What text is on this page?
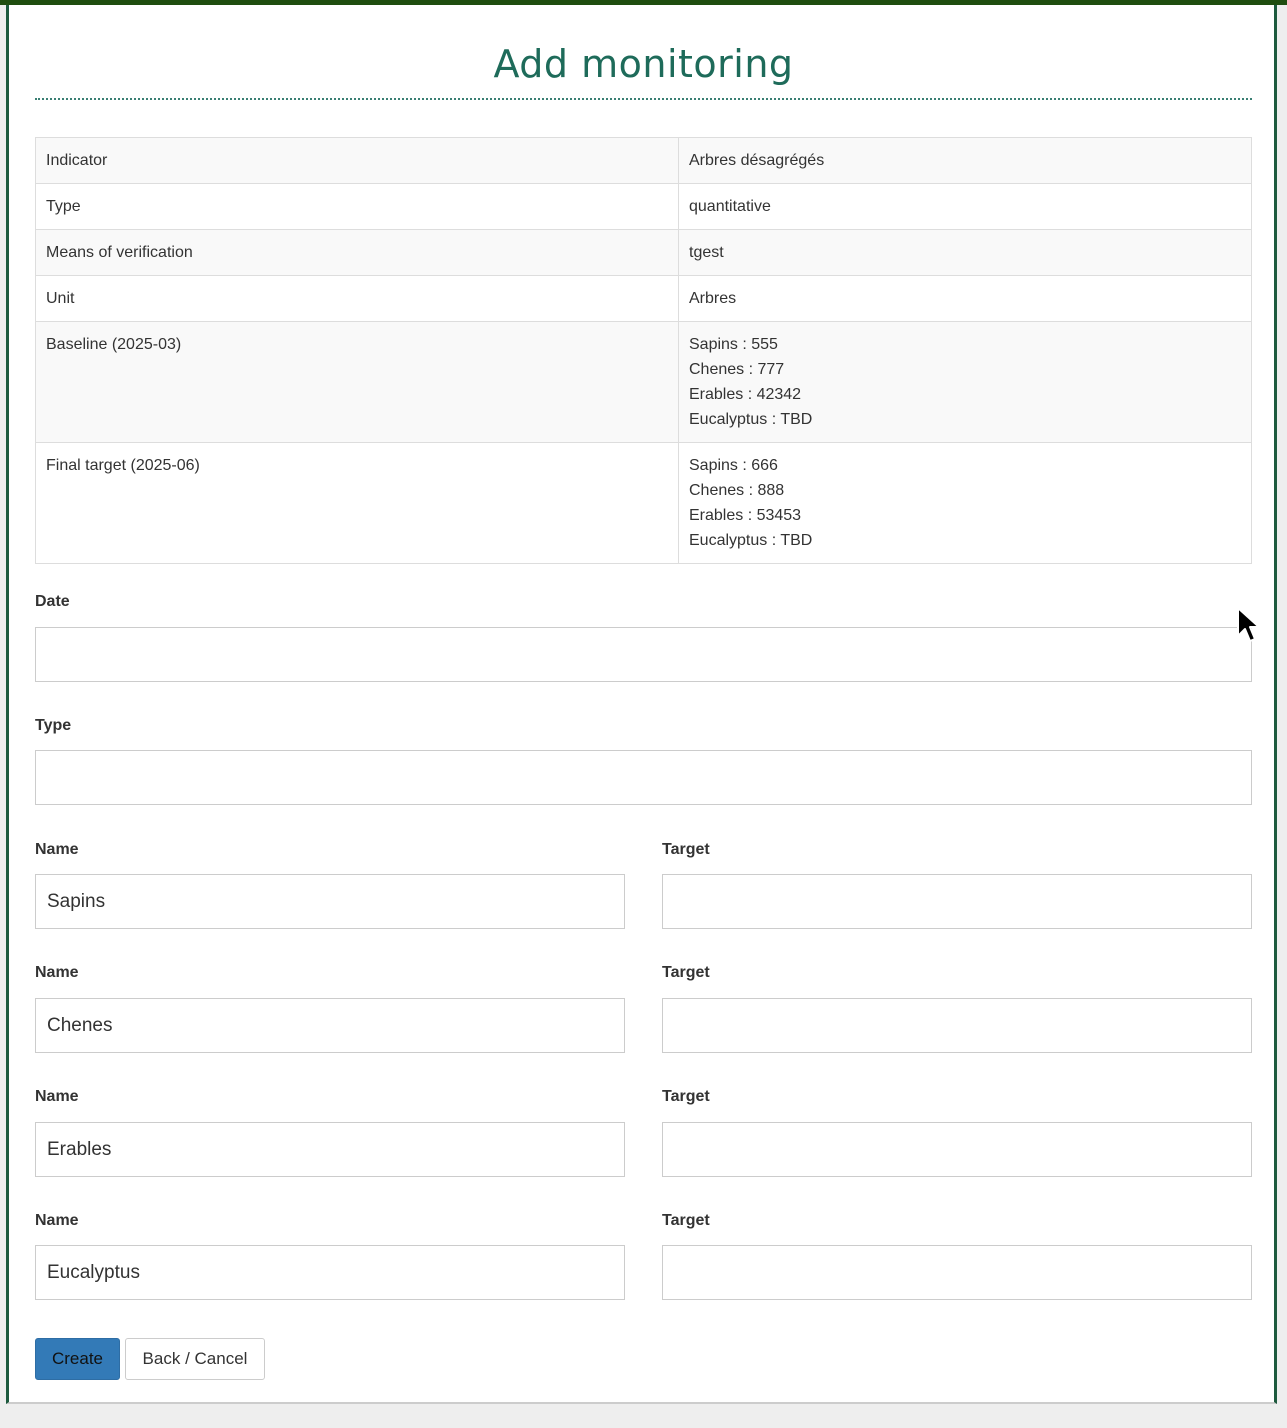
Add monitoring
Indicator	Arbres désagrégés

Type	quantitative

Means of verification	tgest

Unit	Arbres

Baseline (2025-03)	Sapins : 555
Chenes : 777
Erables : 42342
Eucalyptus : TBD

Final target (2025-06)	Sapins : 666
Chenes : 888
Erables : 53453
Eucalyptus : TBD
Date
Type
Name	Target
Sapins
Name	Target
Chenes
Name	Target
Erables
Name	Target
Eucalyptus
Create	Back / Cancel
